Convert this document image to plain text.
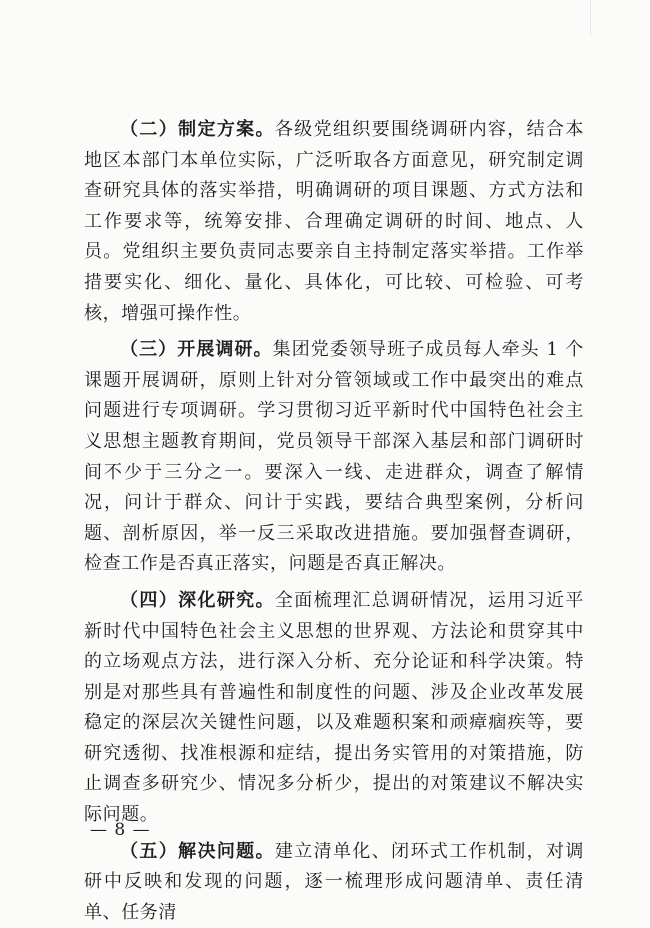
（二）制定方案。各级党组织要围绕调研内容，结合本地区本部门本单位实际，广泛听取各方面意见，研究制定调查研究具体的落实举措，明确调研的项目课题、方式方法和工作要求等，统筹安排、合理确定调研的时间、地点、人员。党组织主要负责同志要亲自主持制定落实举措。工作举措要实化、细化、量化、具体化，可比较、可检验、可考核，增强可操作性。

（三）开展调研。集团党委领导班子成员每人牵头 1 个课题开展调研，原则上针对分管领域或工作中最突出的难点问题进行专项调研。学习贯彻习近平新时代中国特色社会主义思想主题教育期间，党员领导干部深入基层和部门调研时间不少于三分之一。要深入一线、走进群众，调查了解情况，问计于群众、问计于实践，要结合典型案例，分析问题、剖析原因，举一反三采取改进措施。要加强督查调研，检查工作是否真正落实，问题是否真正解决。

（四）深化研究。全面梳理汇总调研情况，运用习近平新时代中国特色社会主义思想的世界观、方法论和贯穿其中的立场观点方法，进行深入分析、充分论证和科学决策。特别是对那些具有普遍性和制度性的问题、涉及企业改革发展稳定的深层次关键性问题，以及难题积案和顽瘴痼疾等，要研究透彻、找准根源和症结，提出务实管用的对策措施，防止调查多研究少、情况多分析少，提出的对策建议不解决实际问题。

（五）解决问题。建立清单化、闭环式工作机制，对调研中反映和发现的问题，逐一梳理形成问题清单、责任清单、任务清

— 8 —
